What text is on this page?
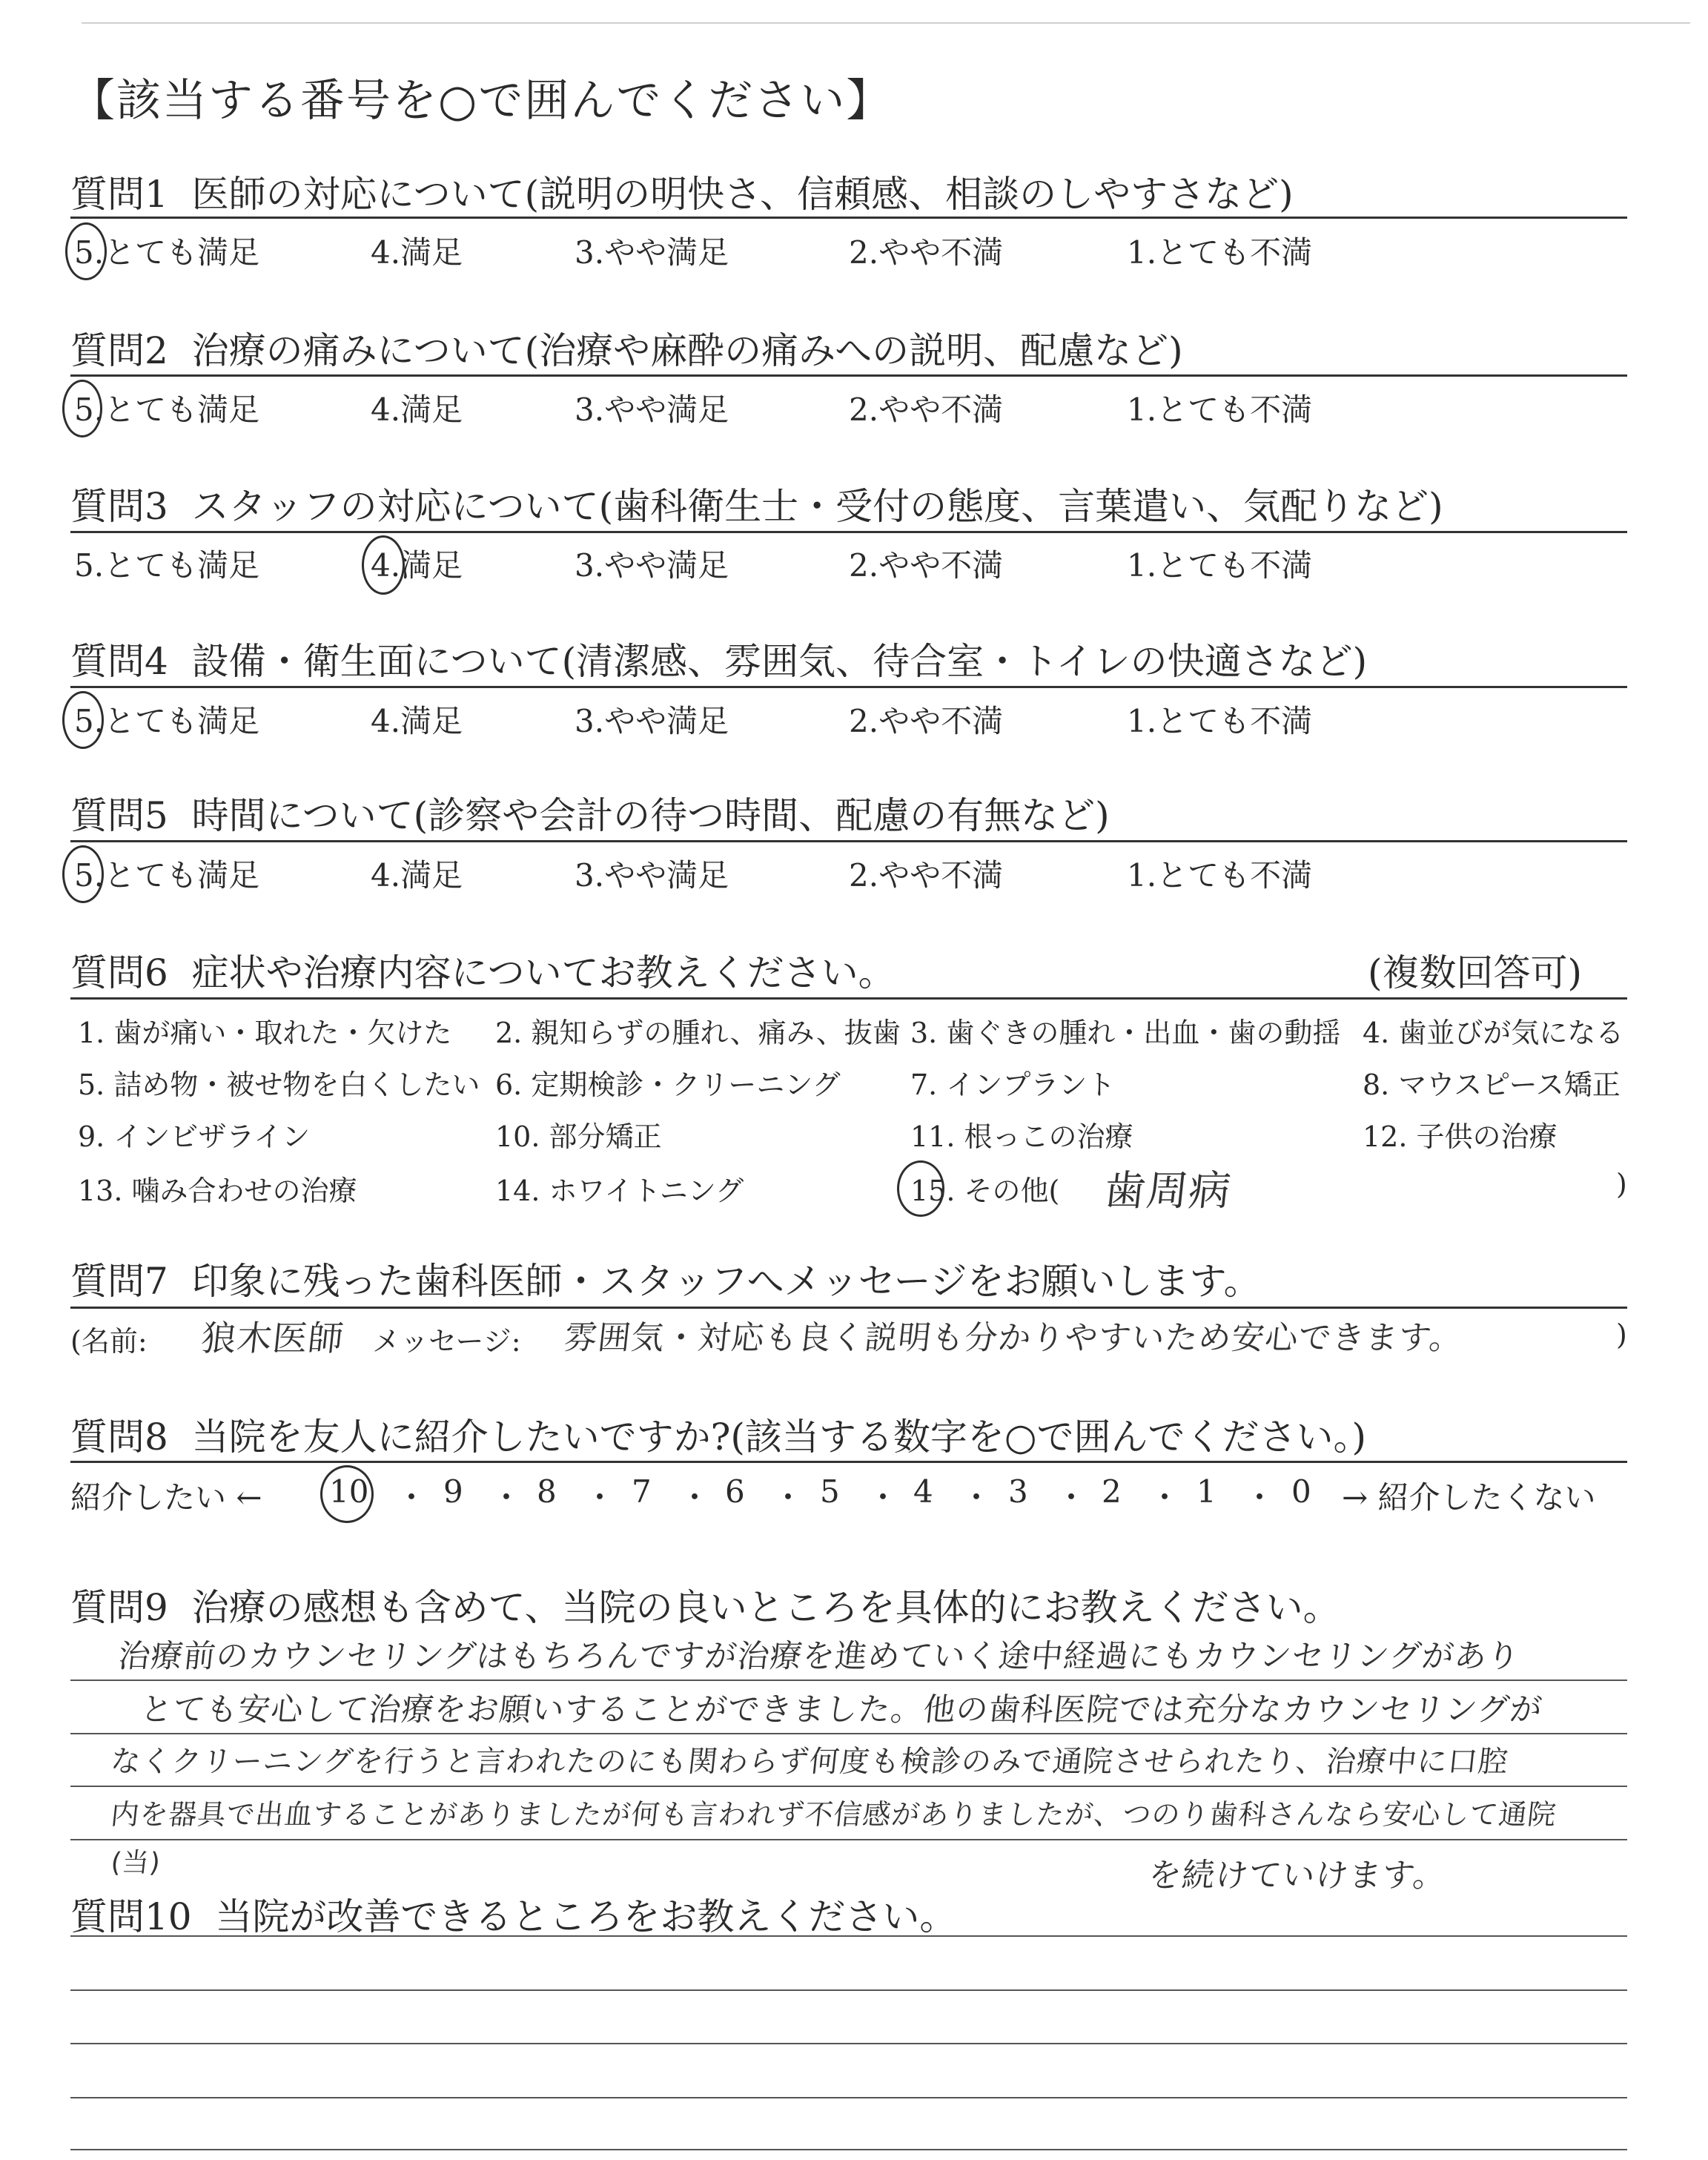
【該当する番号を○で囲んでください】
質問1 医師の対応について(説明の明快さ、信頼感、相談のしやすさなど)
5.とても満足	4.満足	3.やや満足	2.やや不満	1.とても不満
質問2 治療の痛みについて(治療や麻酔の痛みへの説明、配慮など)
5.とても満足	4.満足	3.やや満足	2.やや不満	1.とても不満
質問3 スタッフの対応について(歯科衛生士・受付の態度、言葉遣い、気配りなど)
5.とても満足	4.満足	3.やや満足	2.やや不満	1.とても不満
質問4 設備・衛生面について(清潔感、雰囲気、待合室・トイレの快適さなど)
5.とても満足	4.満足	3.やや満足	2.やや不満	1.とても不満
質問5 時間について(診察や会計の待つ時間、配慮の有無など)
5.とても満足	4.満足	3.やや満足	2.やや不満	1.とても不満
質問6 症状や治療内容についてお教えください。	(複数回答可)
1. 歯が痛い・取れた・欠けた 2. 親知らずの腫れ、痛み、抜歯 3. 歯ぐきの腫れ・出血・歯の動揺 4. 歯並びが気になる
5. 詰め物・被せ物を白くしたい 6. 定期検診・クリーニング 7. インプラント	8. マウスピース矯正
9. インビザライン	10. 部分矯正	11. 根っこの治療	12. 子供の治療
13. 噛み合わせの治療	14. ホワイトニング	15. その他( 歯周病	)
質問7 印象に残った歯科医師・スタッフへメッセージをお願いします。
(名前: 狼木医師 メッセージ: 雰囲気・対応も良く説明も分かりやすいため安心できます。	)
質問8 当院を友人に紹介したいですか?(該当する数字を○で囲んでください。)
紹介したい ← 10 ・ 9 ・ 8 ・ 7 ・ 6 ・ 5 ・ 4 ・ 3 ・ 2 ・ 1 ・ 0 → 紹介したくない
質問9 治療の感想も含めて、当院の良いところを具体的にお教えください。
治療前のカウンセリングはもちろんですが治療を進めていく途中経過にもカウンセリングがあり
とても安心して治療をお願いすることができました。他の歯科医院では充分なカウンセリングが
なくクリーニングを行うと言われたのにも関わらず何度も検診のみで通院させられたり、治療中に口腔
内を器具で出血することがありましたが何も言われず不信感がありましたが、つのり歯科さんなら安心して通院
(当)	を続けていけます。
質問10 当院が改善できるところをお教えください。
